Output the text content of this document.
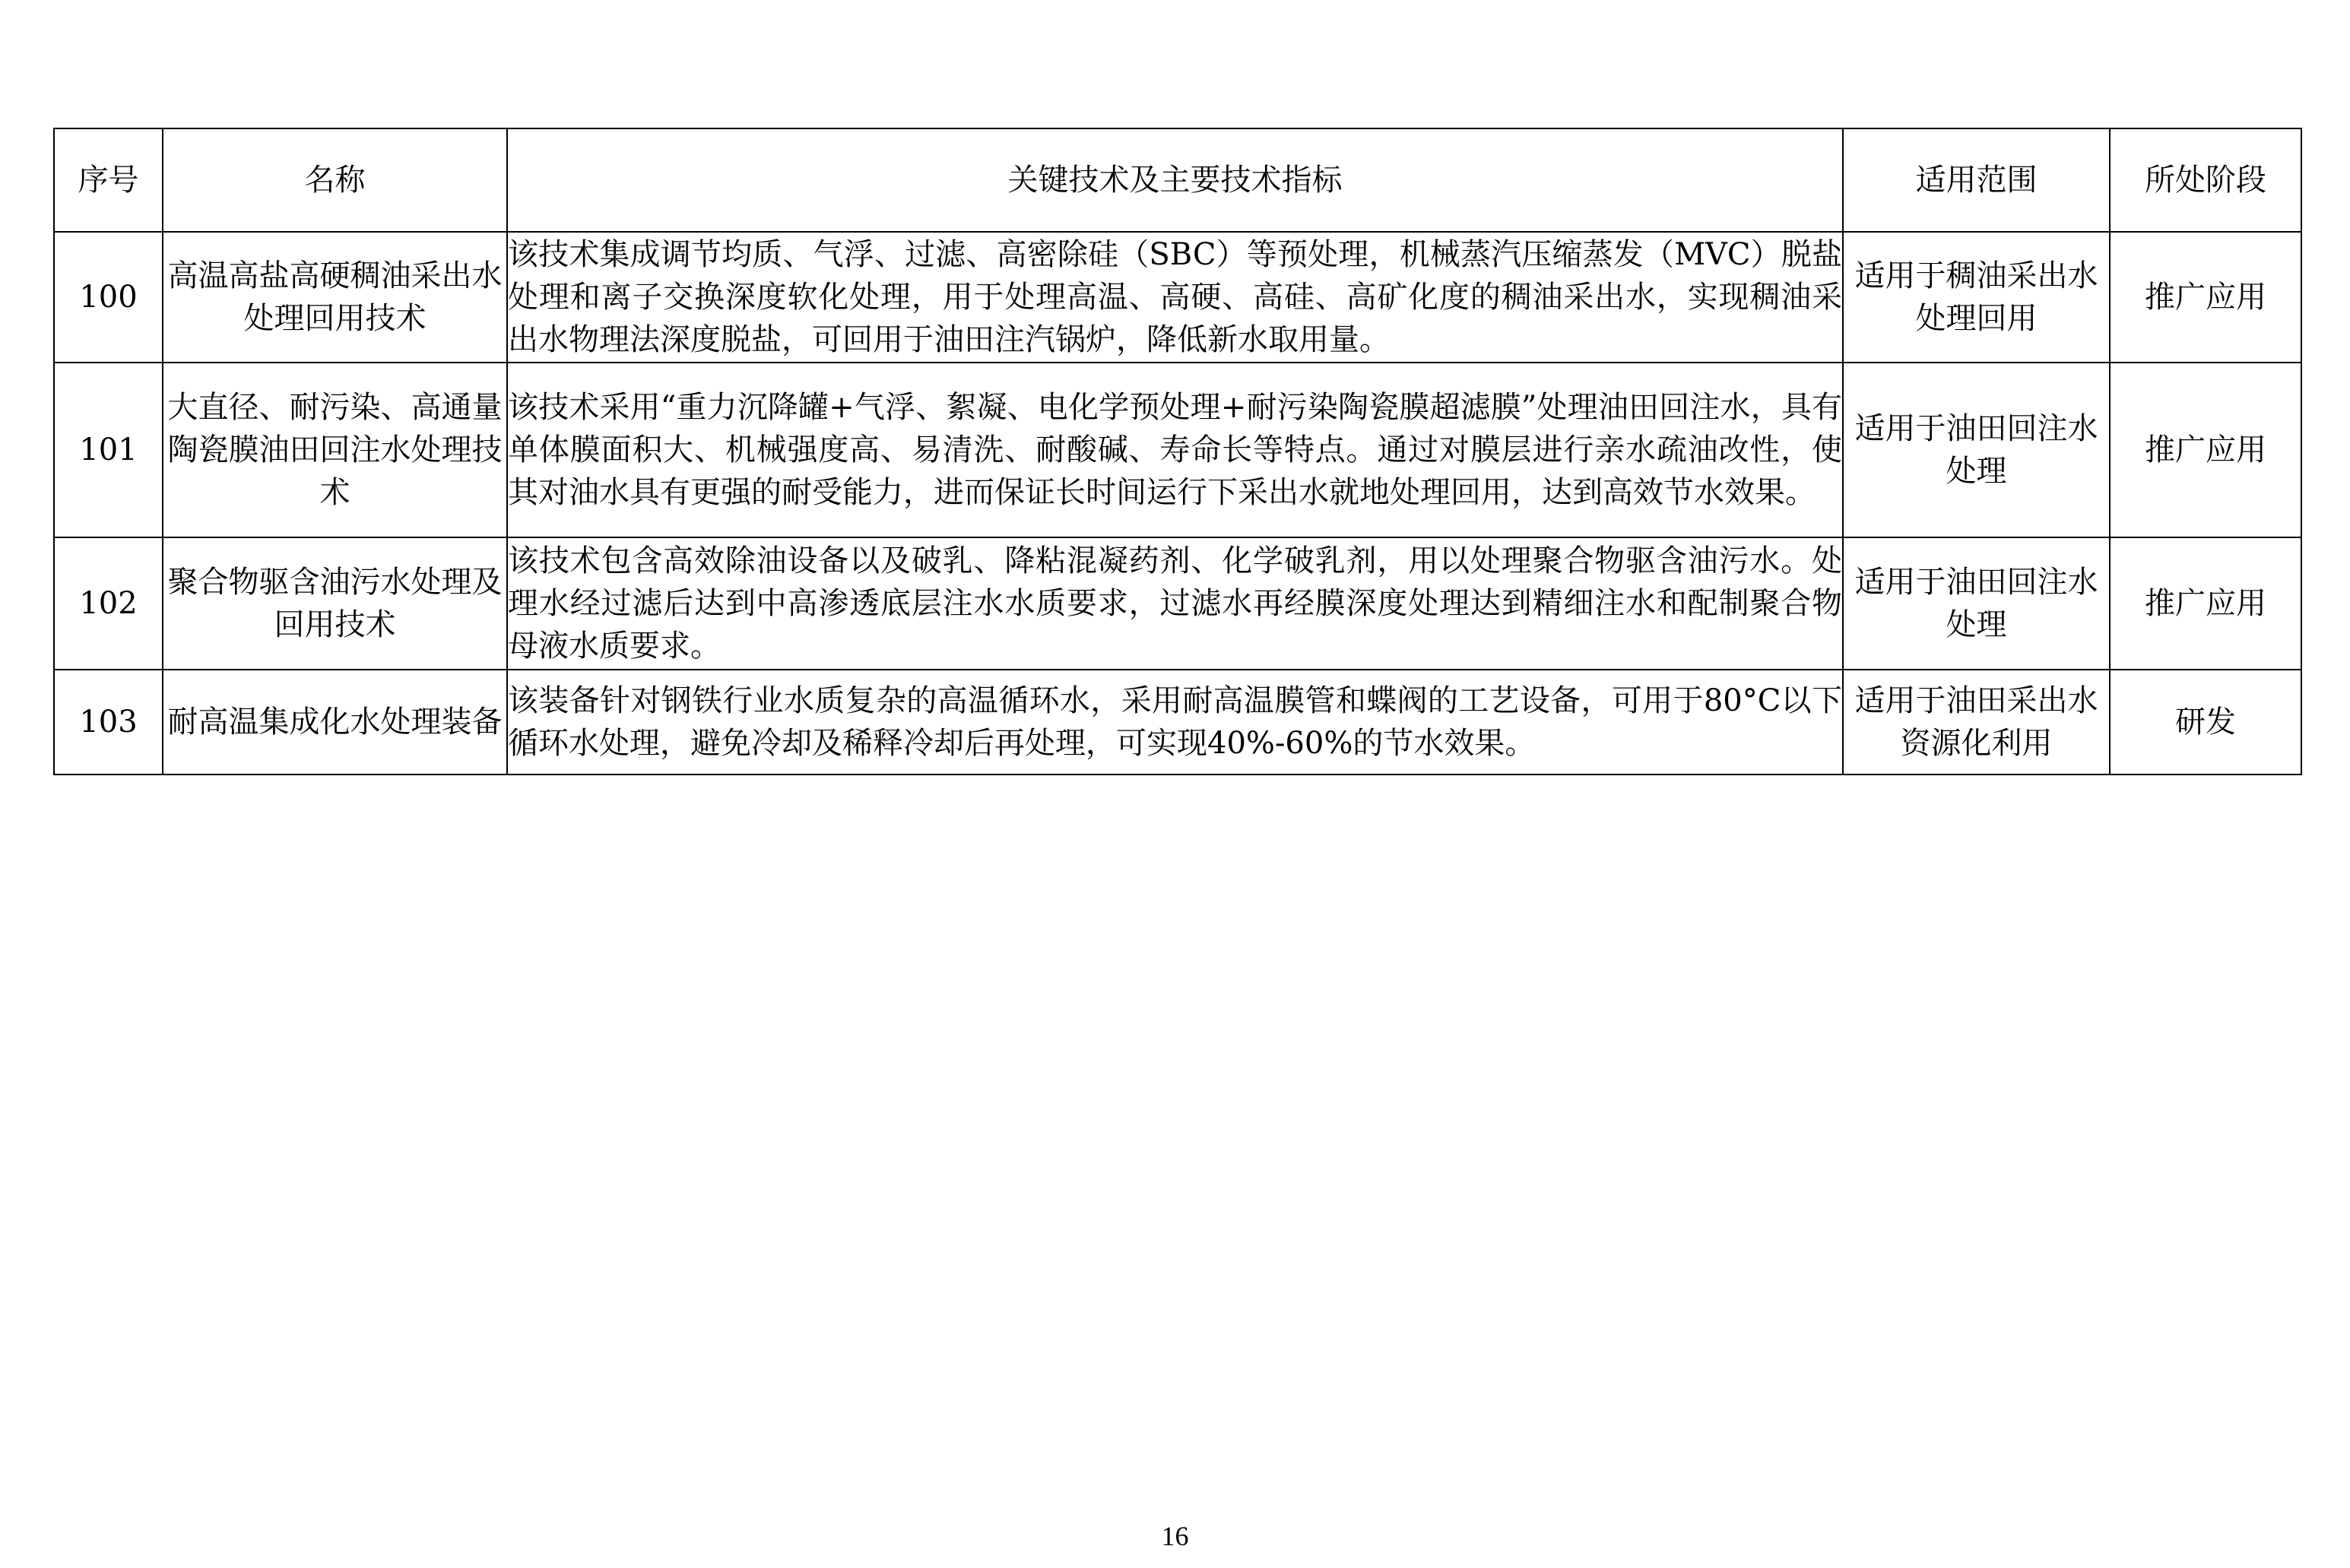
序号	名称	关键技术及主要技术指标	适用范围	所处阶段
100	高温高盐高硬稠油采出水处理回用技术	该技术集成调节均质、气浮、过滤、高密除硅（SBC）等预处理，机械蒸汽压缩蒸发（MVC）脱盐处理和离子交换深度软化处理，用于处理高温、高硬、高硅、高矿化度的稠油采出水，实现稠油采出水物理法深度脱盐，可回用于油田注汽锅炉，降低新水取用量。	适用于稠油采出水处理回用	推广应用
101	大直径、耐污染、高通量陶瓷膜油田回注水处理技术	该技术采用“重力沉降罐+气浮、絮凝、电化学预处理+耐污染陶瓷膜超滤膜”处理油田回注水，具有单体膜面积大、机械强度高、易清洗、耐酸碱、寿命长等特点。通过对膜层进行亲水疏油改性，使其对油水具有更强的耐受能力，进而保证长时间运行下采出水就地处理回用，达到高效节水效果。	适用于油田回注水处理	推广应用
102	聚合物驱含油污水处理及回用技术	该技术包含高效除油设备以及破乳、降粘混凝药剂、化学破乳剂，用以处理聚合物驱含油污水。处理水经过滤后达到中高渗透底层注水水质要求，过滤水再经膜深度处理达到精细注水和配制聚合物母液水质要求。	适用于油田回注水处理	推广应用
103	耐高温集成化水处理装备	该装备针对钢铁行业水质复杂的高温循环水，采用耐高温膜管和蝶阀的工艺设备，可用于80°C以下循环水处理，避免冷却及稀释冷却后再处理，可实现40%-60%的节水效果。	适用于油田采出水资源化利用	研发
16
